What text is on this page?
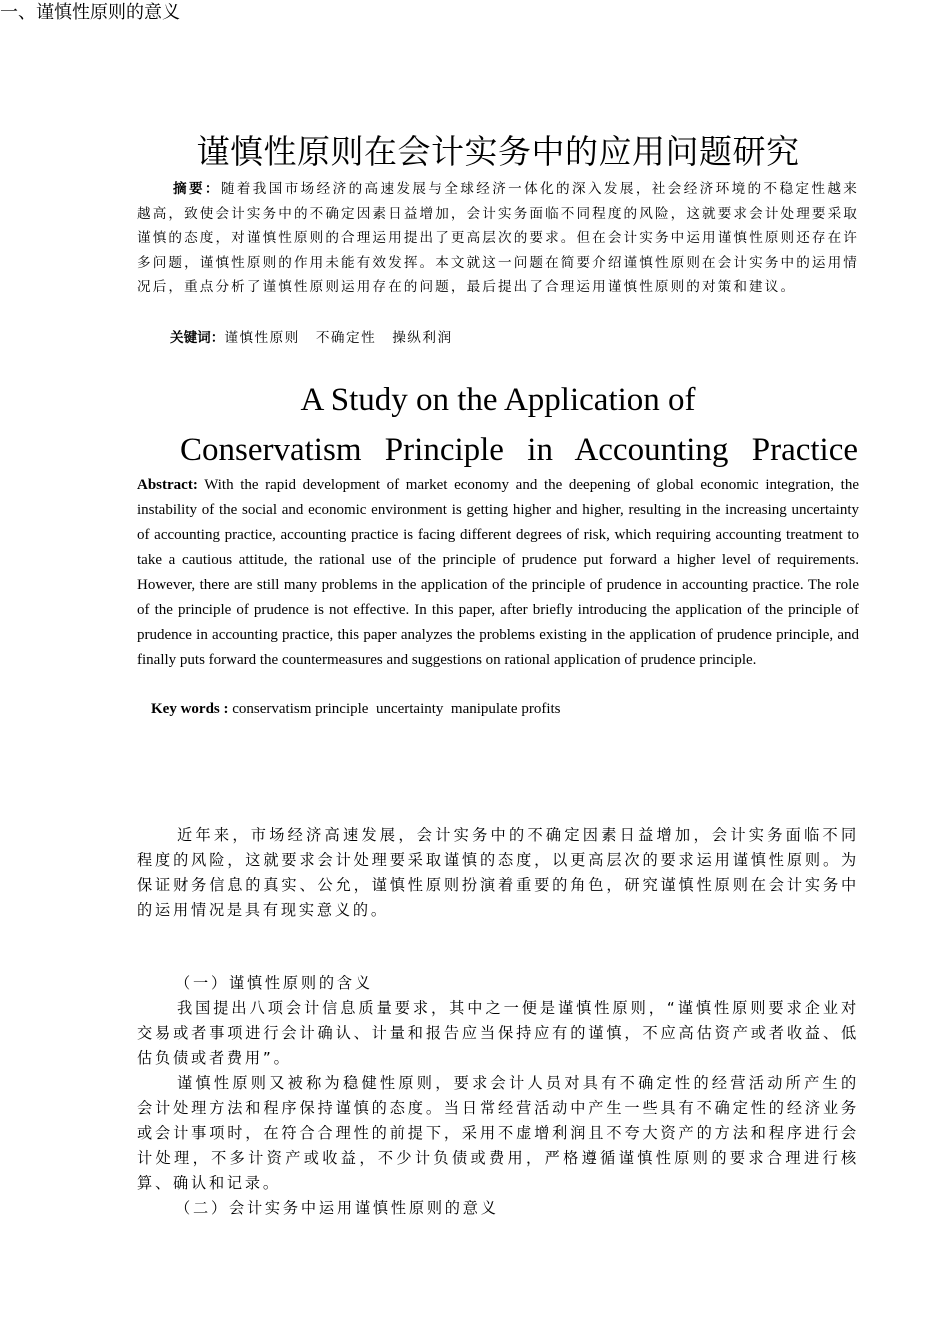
谨慎性原则在会计实务中的应用问题研究

摘要：随着我国市场经济的高速发展与全球经济一体化的深入发展，社会经济环境的不稳定性越来越高，致使会计实务中的不确定因素日益增加，会计实务面临不同程度的风险，这就要求会计处理要采取谨慎的态度，对谨慎性原则的合理运用提出了更高层次的要求。但在会计实务中运用谨慎性原则还存在许多问题，谨慎性原则的作用未能有效发挥。本文就这一问题在简要介绍谨慎性原则在会计实务中的运用情况后，重点分析了谨慎性原则运用存在的问题，最后提出了合理运用谨慎性原则的对策和建议。

关键词：谨慎性原则 不确定性 操纵利润
A Study on the Application of
Conservatism Principle in Accounting Practice

Abstract: With the rapid development of market economy and the deepening of global economic integration, the instability of the social and economic environment is getting higher and higher, resulting in the increasing uncertainty of accounting practice, accounting practice is facing different degrees of risk, which requiring accounting treatment to take a cautious attitude, the rational use of the principle of prudence put forward a higher level of requirements. However, there are still many problems in the application of the principle of prudence in accounting practice. The role of the principle of prudence is not effective. In this paper, after briefly introducing the application of the principle of prudence in accounting practice, this paper analyzes the problems existing in the application of prudence principle, and finally puts forward the countermeasures and suggestions on rational application of prudence principle.

Key words : conservatism principle  uncertainty  manipulate profits

近年来，市场经济高速发展，会计实务中的不确定因素日益增加，会计实务面临不同程度的风险，这就要求会计处理要采取谨慎的态度，以更高层次的要求运用谨慎性原则。为保证财务信息的真实、公允，谨慎性原则扮演着重要的角色，研究谨慎性原则在会计实务中的运用情况是具有现实意义的。

一、谨慎性原则的意义

（一）谨慎性原则的含义

我国提出八项会计信息质量要求，其中之一便是谨慎性原则，“谨慎性原则要求企业对交易或者事项进行会计确认、计量和报告应当保持应有的谨慎，不应高估资产或者收益、低估负债或者费用”。

谨慎性原则又被称为稳健性原则，要求会计人员对具有不确定性的经营活动所产生的会计处理方法和程序保持谨慎的态度。当日常经营活动中产生一些具有不确定性的经济业务或会计事项时，在符合合理性的前提下，采用不虚增利润且不夸大资产的方法和程序进行会计处理，不多计资产或收益，不少计负债或费用，严格遵循谨慎性原则的要求合理进行核算、确认和记录。

（二）会计实务中运用谨慎性原则的意义
